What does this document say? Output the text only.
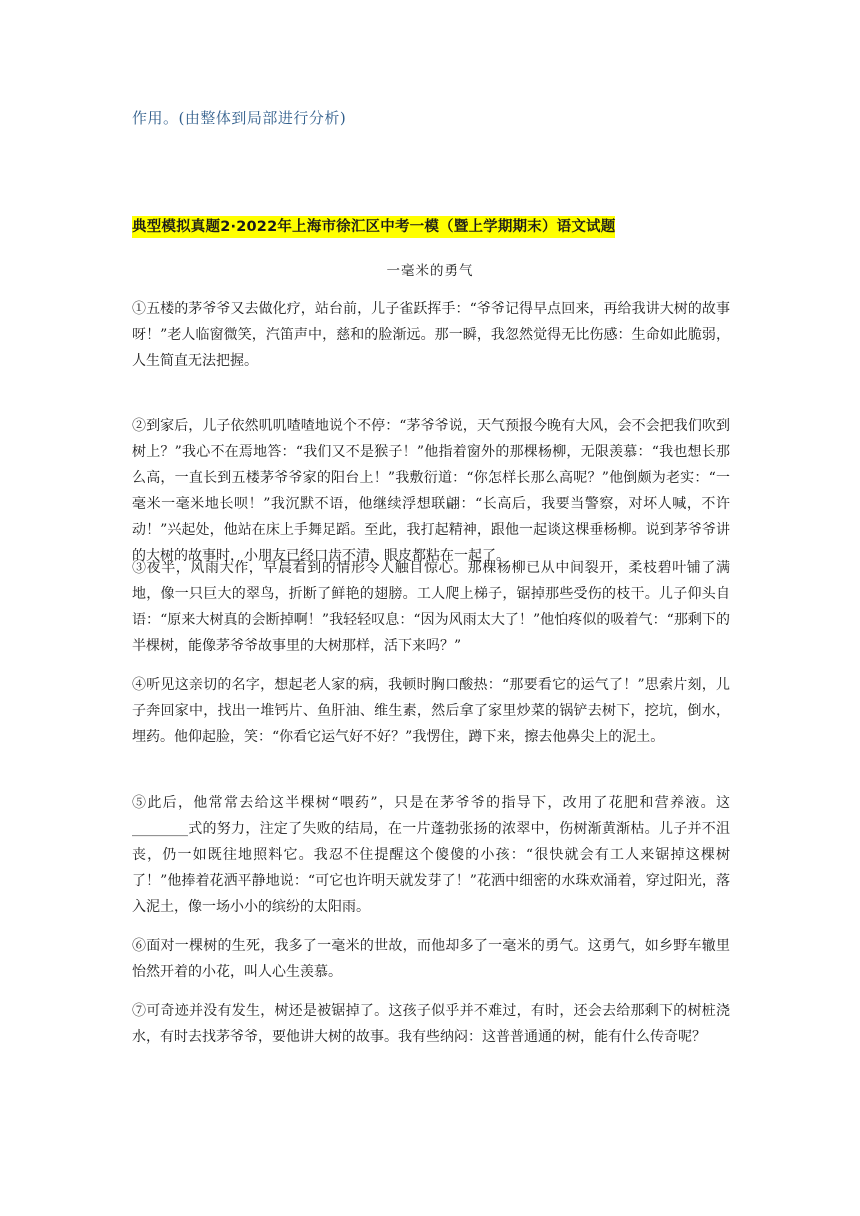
作用。(由整体到局部进行分析)
典型模拟真题2·2022年上海市徐汇区中考一模（暨上学期期末）语文试题
一毫米的勇气
①五楼的茅爷爷又去做化疗，站台前，儿子雀跃挥手：“爷爷记得早点回来，再给我讲大树的故事呀！”老人临窗微笑，汽笛声中，慈和的脸渐远。那一瞬，我忽然觉得无比伤感：生命如此脆弱，人生简直无法把握。
②到家后，儿子依然叽叽喳喳地说个不停：“茅爷爷说，天气预报今晚有大风，会不会把我们吹到树上？”我心不在焉地答：“我们又不是猴子！”他指着窗外的那棵杨柳，无限羡慕：“我也想长那么高，一直长到五楼茅爷爷家的阳台上！”我敷衍道：“你怎样长那么高呢？”他倒颇为老实：“一毫米一毫米地长呗！”我沉默不语，他继续浮想联翩：“长高后，我要当警察，对坏人喊，不许动！”兴起处，他站在床上手舞足蹈。至此，我打起精神，跟他一起谈这棵垂杨柳。说到茅爷爷讲的大树的故事时，小朋友已经口齿不清，眼皮都粘在一起了。
③夜半，风雨大作，早晨看到的情形令人触目惊心。那棵杨柳已从中间裂开，柔枝碧叶铺了满地，像一只巨大的翠鸟，折断了鲜艳的翅膀。工人爬上梯子，锯掉那些受伤的枝干。儿子仰头自语：“原来大树真的会断掉啊！”我轻轻叹息：“因为风雨太大了！”他怕疼似的吸着气：“那剩下的半棵树，能像茅爷爷故事里的大树那样，活下来吗？”
④听见这亲切的名字，想起老人家的病，我顿时胸口酸热：“那要看它的运气了！”思索片刻，儿子奔回家中，找出一堆钙片、鱼肝油、维生素，然后拿了家里炒菜的锅铲去树下，挖坑，倒水，埋药。他仰起脸，笑：“你看它运气好不好？”我愣住，蹲下来，擦去他鼻尖上的泥土。
⑤此后，他常常去给这半棵树“喂药”，只是在茅爷爷的指导下，改用了花肥和营养液。这________式的努力，注定了失败的结局，在一片蓬勃张扬的浓翠中，伤树渐黄渐枯。儿子并不沮丧，仍一如既往地照料它。我忍不住提醒这个傻傻的小孩：“很快就会有工人来锯掉这棵树了！”他捧着花洒平静地说：“可它也许明天就发芽了！”花洒中细密的水珠欢涌着，穿过阳光，落入泥土，像一场小小的缤纷的太阳雨。
⑥面对一棵树的生死，我多了一毫米的世故，而他却多了一毫米的勇气。这勇气，如乡野车辙里怡然开着的小花，叫人心生羡慕。
⑦可奇迹并没有发生，树还是被锯掉了。这孩子似乎并不难过，有时，还会去给那剩下的树桩浇水，有时去找茅爷爷，要他讲大树的故事。我有些纳闷：这普普通通的树，能有什么传奇呢？
